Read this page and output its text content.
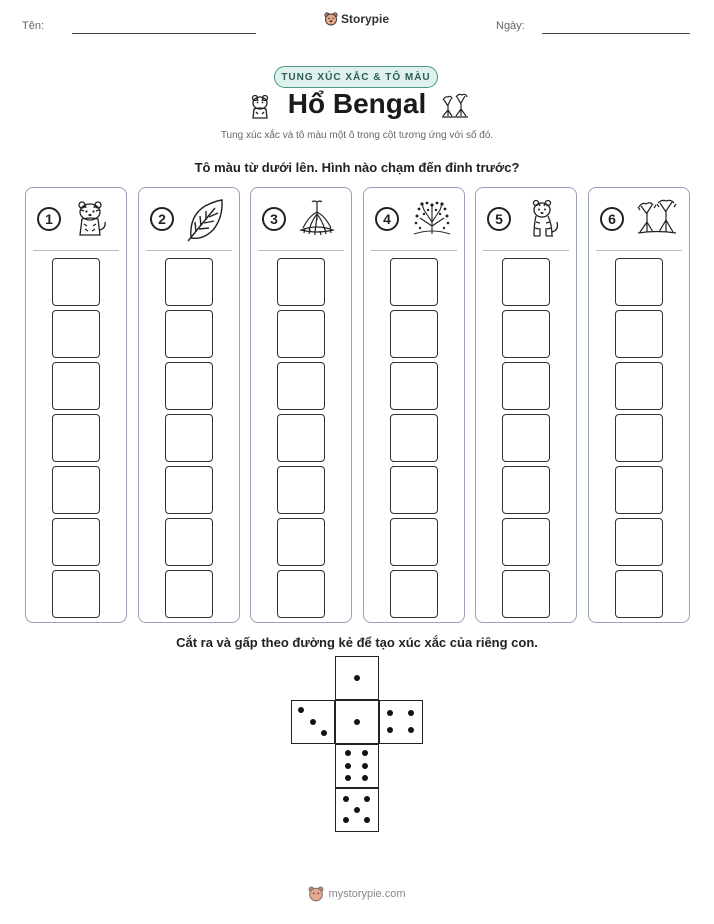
Tên:	Storypie	Ngày:
TUNG XÚC XẮC & TÔ MÀU
Hổ Bengal
Tung xúc xắc và tô màu một ô trong cột tương ứng với số đó.
Tô màu từ dưới lên. Hình nào chạm đến đỉnh trước?
1	2	3	4	5	6
Cắt ra và gấp theo đường kẻ để tạo xúc xắc của riêng con.
mystorypie.com
